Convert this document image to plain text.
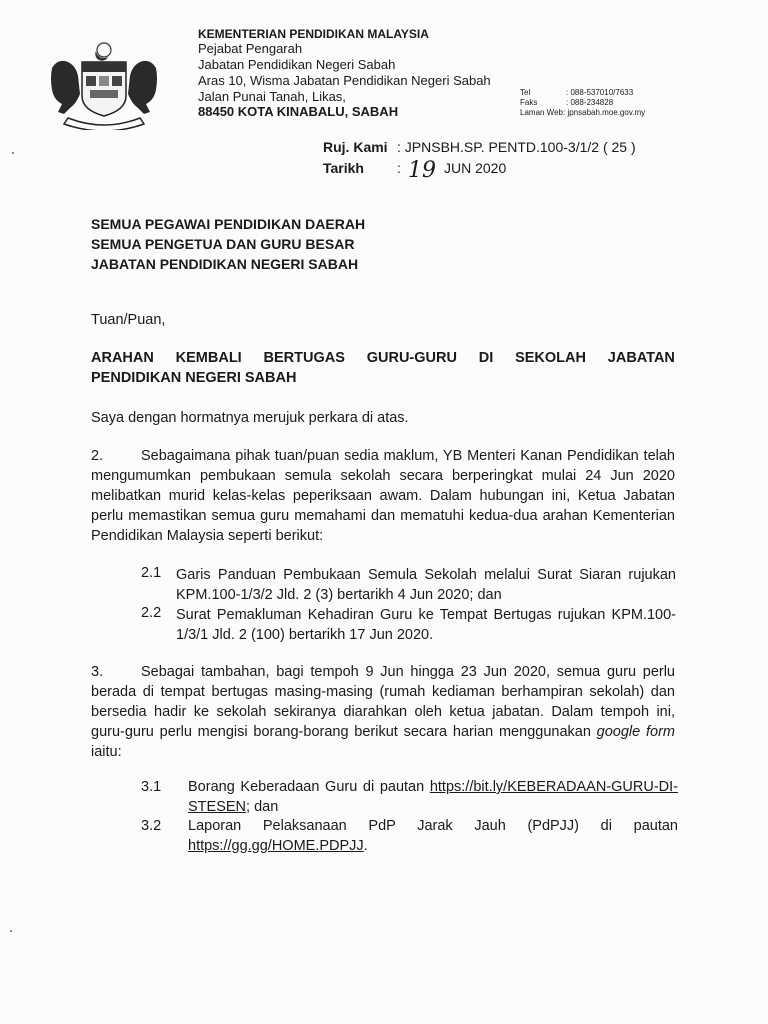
KEMENTERIAN PENDIDIKAN MALAYSIA
Pejabat Pengarah
Jabatan Pendidikan Negeri Sabah
Aras 10, Wisma Jabatan Pendidikan Negeri Sabah
Jalan Punai Tanah, Likas,
88450 KOTA KINABALU, SABAH
Tel	: 088-537010/7633
Faks	: 088-234828
Laman Web: jpnsabah.moe.gov.my
Ruj. Kami : JPNSBH.SP. PENTD.100-3/1/2 ( 25 )
Tarikh : 19 JUN 2020
SEMUA PEGAWAI PENDIDIKAN DAERAH
SEMUA PENGETUA DAN GURU BESAR
JABATAN PENDIDIKAN NEGERI SABAH
Tuan/Puan,
ARAHAN KEMBALI BERTUGAS GURU-GURU DI SEKOLAH JABATAN
PENDIDIKAN NEGERI SABAH
Saya dengan hormatnya merujuk perkara di atas.
2.	Sebagaimana pihak tuan/puan sedia maklum, YB Menteri Kanan Pendidikan telah mengumumkan pembukaan semula sekolah secara berperingkat mulai 24 Jun 2020 melibatkan murid kelas-kelas peperiksaan awam. Dalam hubungan ini, Ketua Jabatan perlu memastikan semua guru memahami dan mematuhi kedua-dua arahan Kementerian Pendidikan Malaysia seperti berikut:
2.1 Garis Panduan Pembukaan Semula Sekolah melalui Surat Siaran rujukan KPM.100-1/3/2 Jld. 2 (3) bertarikh 4 Jun 2020; dan
2.2 Surat Pemakluman Kehadiran Guru ke Tempat Bertugas rujukan KPM.100-1/3/1 Jld. 2 (100) bertarikh 17 Jun 2020.
3.	Sebagai tambahan, bagi tempoh 9 Jun hingga 23 Jun 2020, semua guru perlu berada di tempat bertugas masing-masing (rumah kediaman berhampiran sekolah) dan bersedia hadir ke sekolah sekiranya diarahkan oleh ketua jabatan. Dalam tempoh ini, guru-guru perlu mengisi borang-borang berikut secara harian menggunakan google form iaitu:
3.1 Borang Keberadaan Guru di pautan https://bit.ly/KEBERADAAN-GURU-DI-STESEN; dan
3.2 Laporan Pelaksanaan PdP Jarak Jauh (PdPJJ) di pautan https://gg.gg/HOME.PDPJJ.
